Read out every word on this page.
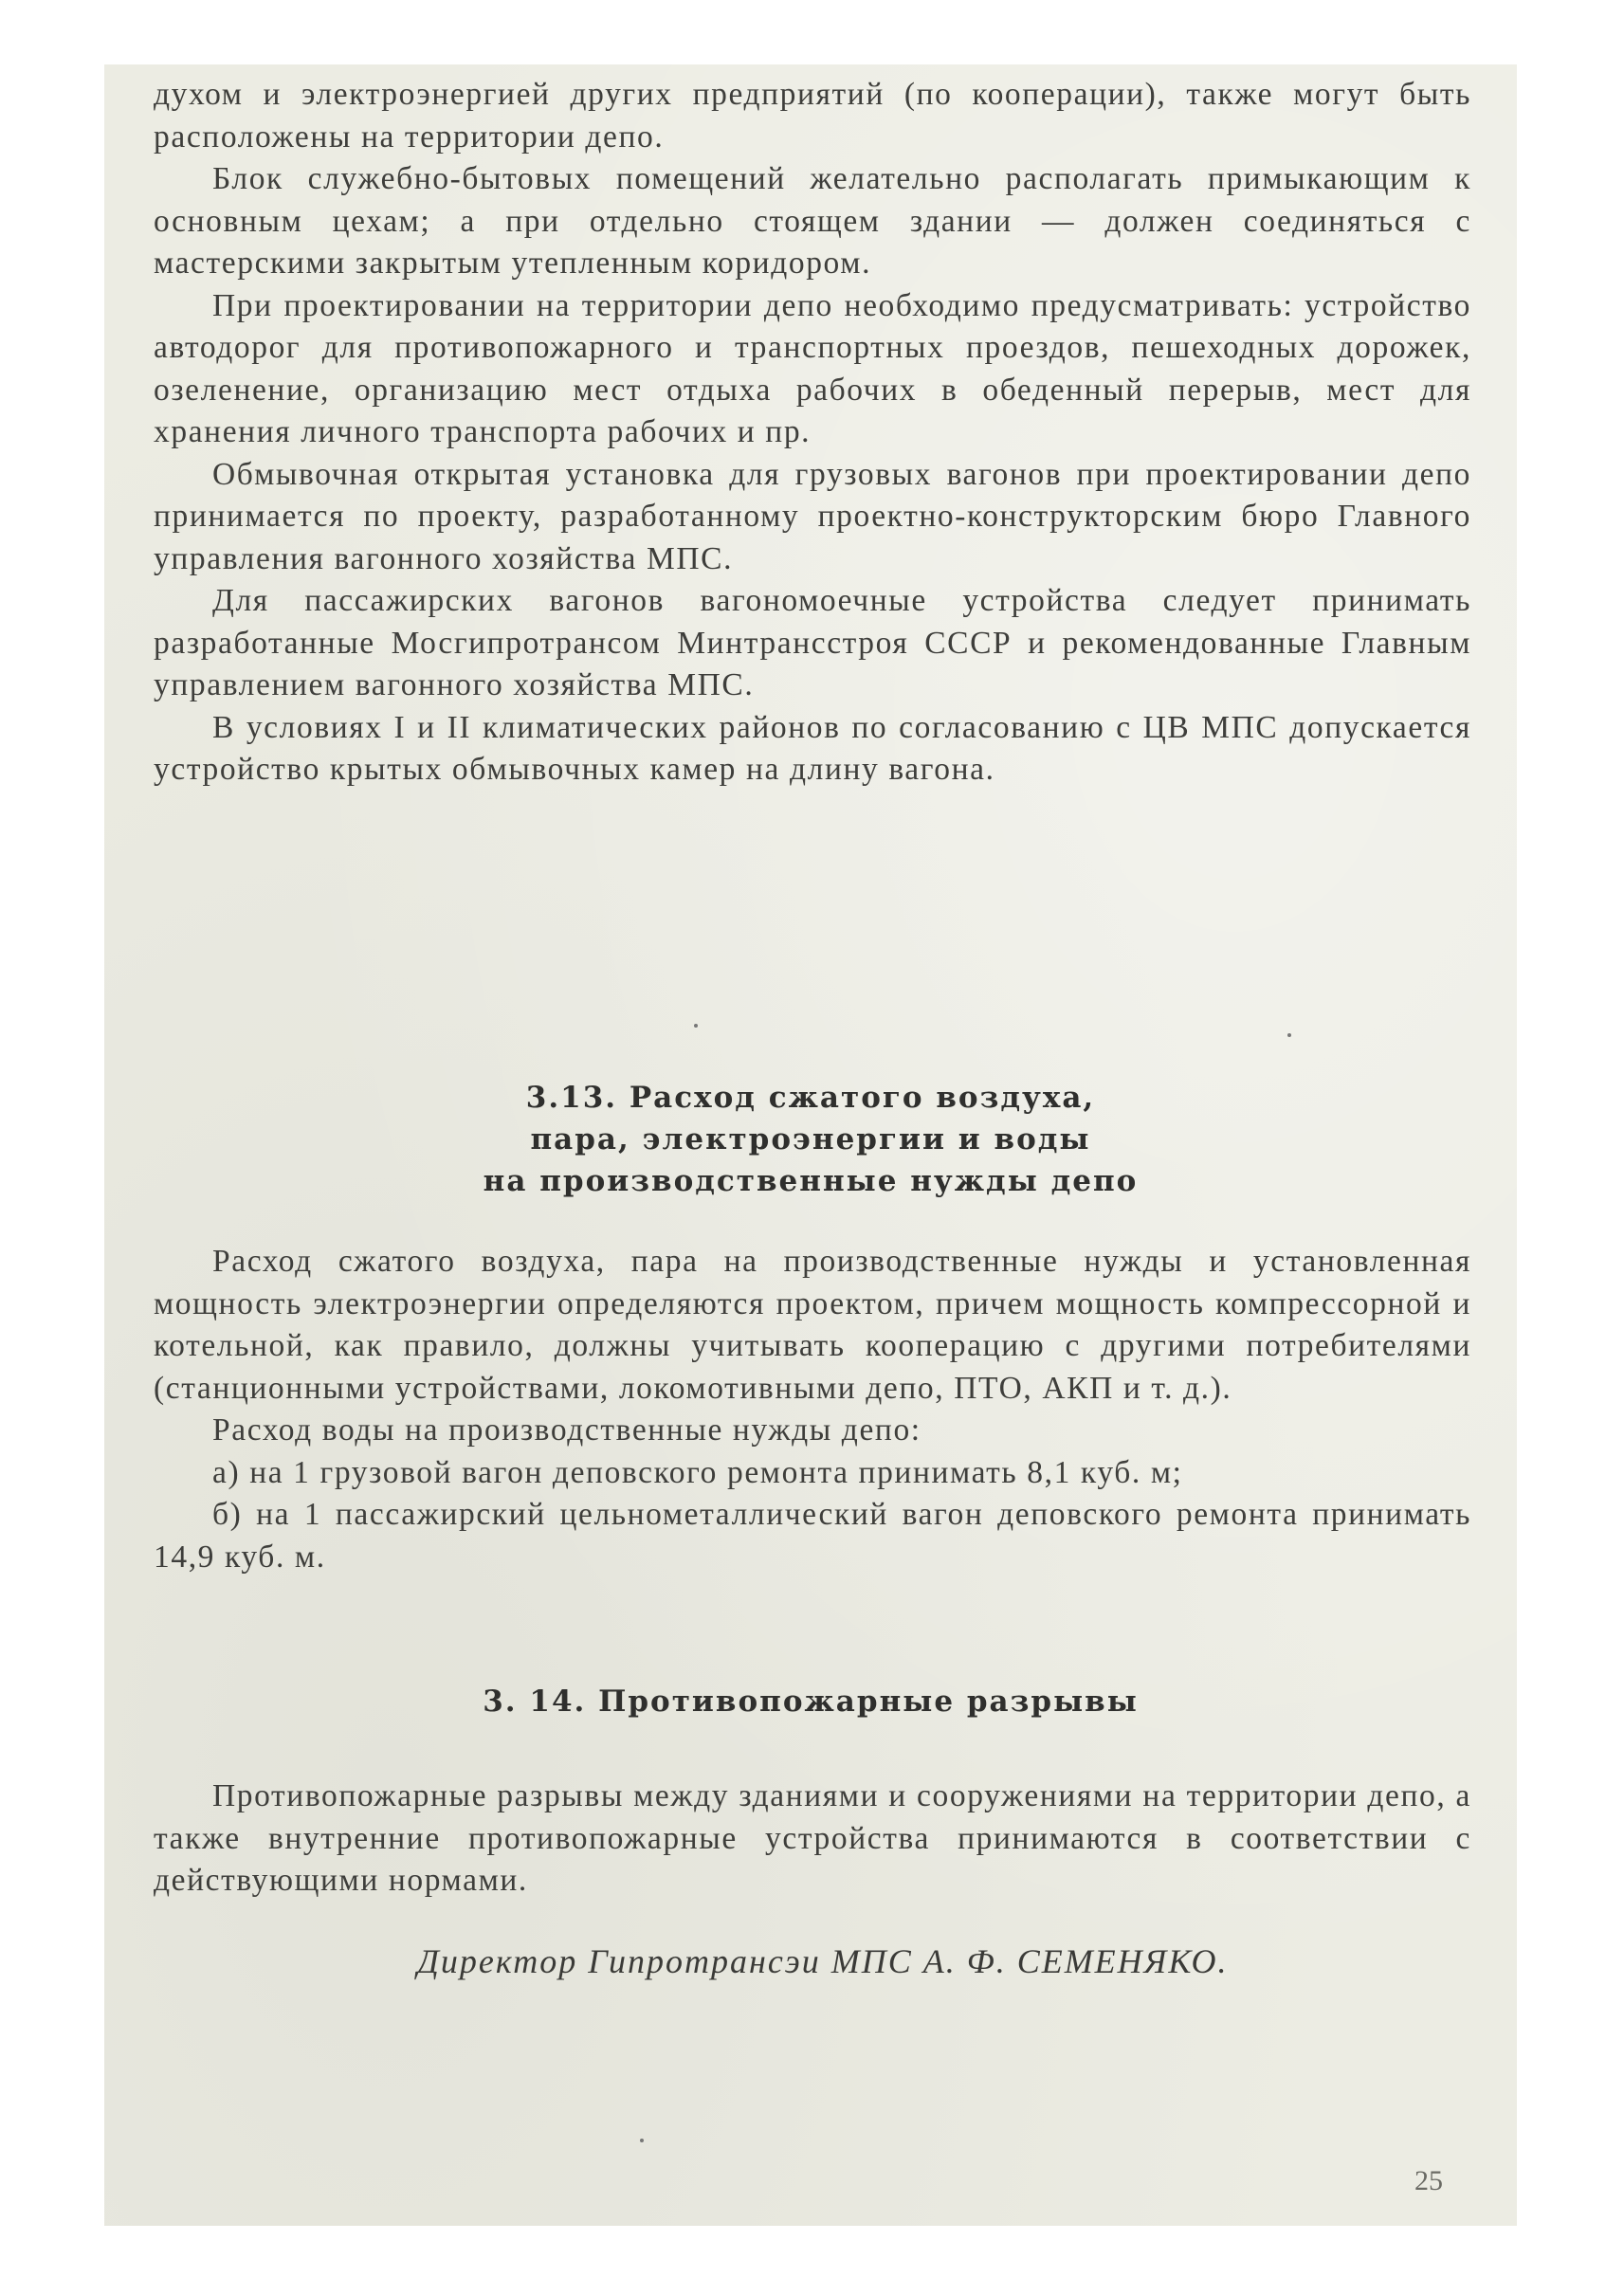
духом и электроэнергией других предприятий (по кооперации), также могут быть расположены на территории депо.

Блок служебно-бытовых помещений желательно располагать примыкающим к основным цехам; а при отдельно стоящем здании — должен соединяться с мастерскими закрытым утепленным коридором.

При проектировании на территории депо необходимо предусматривать: устройство автодорог для противопожарного и транспортных проездов, пешеходных дорожек, озеленение, организацию мест отдыха рабочих в обеденный перерыв, мест для хранения личного транспорта рабочих и пр.

Обмывочная открытая установка для грузовых вагонов при проектировании депо принимается по проекту, разработанному проектно-конструкторским бюро Главного управления вагонного хозяйства МПС.

Для пассажирских вагонов вагономоечные устройства следует принимать разработанные Мосгипротрансом Минтрансстроя СССР и рекомендованные Главным управлением вагонного хозяйства МПС.

В условиях I и II климатических районов по согласованию с ЦВ МПС допускается устройство крытых обмывочных камер на длину вагона.

3.13. Расход сжатого воздуха,
пара, электроэнергии и воды
на производственные нужды депо

Расход сжатого воздуха, пара на производственные нужды и установленная мощность электроэнергии определяются проектом, причем мощность компрессорной и котельной, как правило, должны учитывать кооперацию с другими потребителями (станционными устройствами, локомотивными депо, ПТО, АКП и т. д.).

Расход воды на производственные нужды депо:

а) на 1 грузовой вагон деповского ремонта принимать 8,1 куб. м;

б) на 1 пассажирский цельнометаллический вагон деповского ремонта принимать 14,9 куб. м.

3. 14. Противопожарные разрывы

Противопожарные разрывы между зданиями и сооружениями на территории депо, а также внутренние противопожарные устройства принимаются в соответствии с действующими нормами.

Директор Гипротрансэи МПС А. Ф. СЕМЕНЯКО.
25
